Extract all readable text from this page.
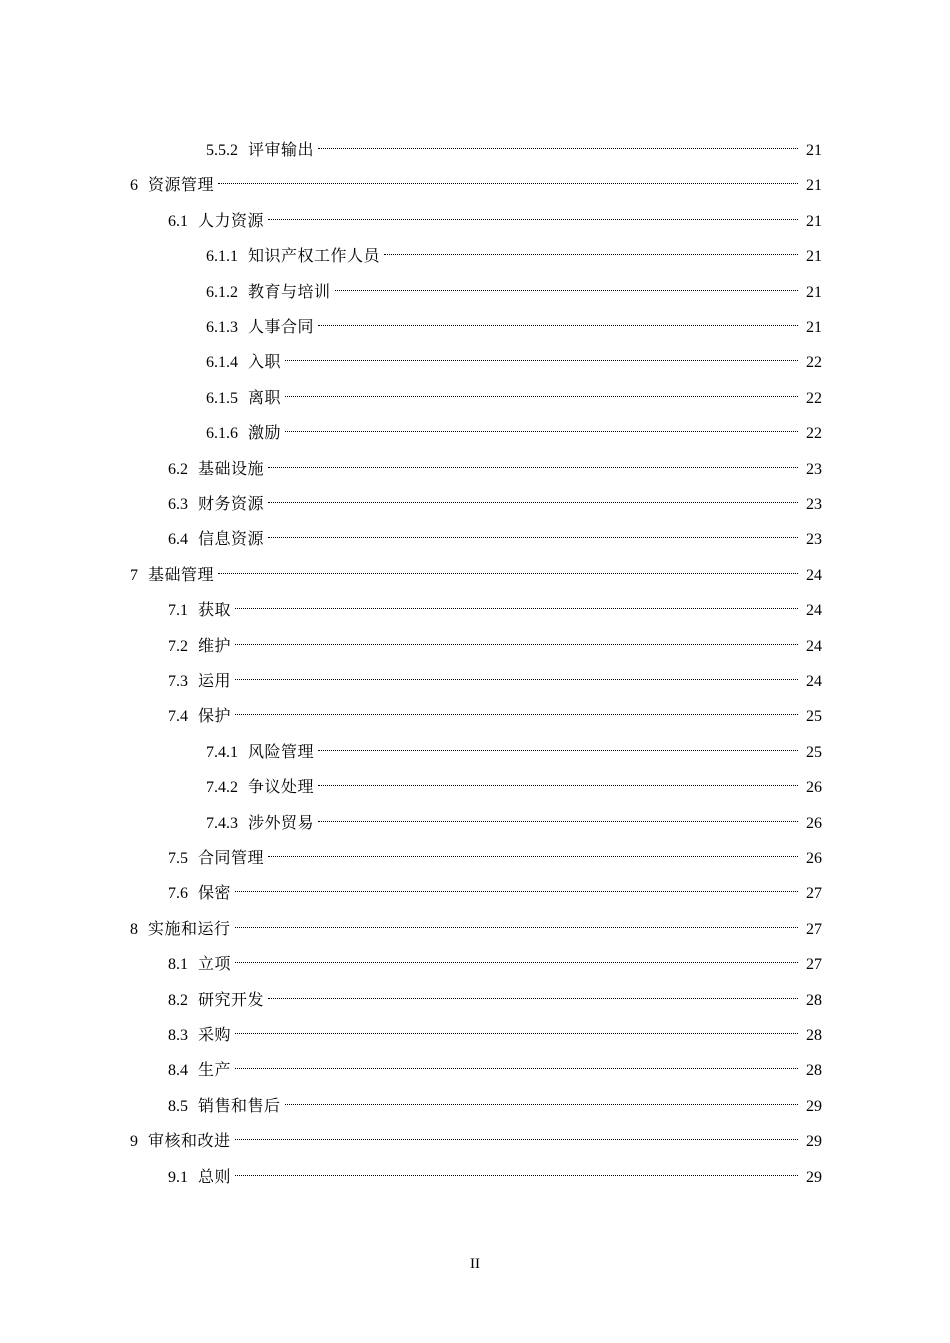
5.5.2 评审输出	21
6 资源管理	21
6.1 人力资源	21
6.1.1 知识产权工作人员	21
6.1.2 教育与培训	21
6.1.3 人事合同	21
6.1.4 入职	22
6.1.5 离职	22
6.1.6 激励	22
6.2 基础设施	23
6.3 财务资源	23
6.4 信息资源	23
7 基础管理	24
7.1 获取	24
7.2 维护	24
7.3 运用	24
7.4 保护	25
7.4.1 风险管理	25
7.4.2 争议处理	26
7.4.3 涉外贸易	26
7.5 合同管理	26
7.6 保密	27
8 实施和运行	27
8.1 立项	27
8.2 研究开发	28
8.3 采购	28
8.4 生产	28
8.5 销售和售后	29
9 审核和改进	29
9.1 总则	29
II
